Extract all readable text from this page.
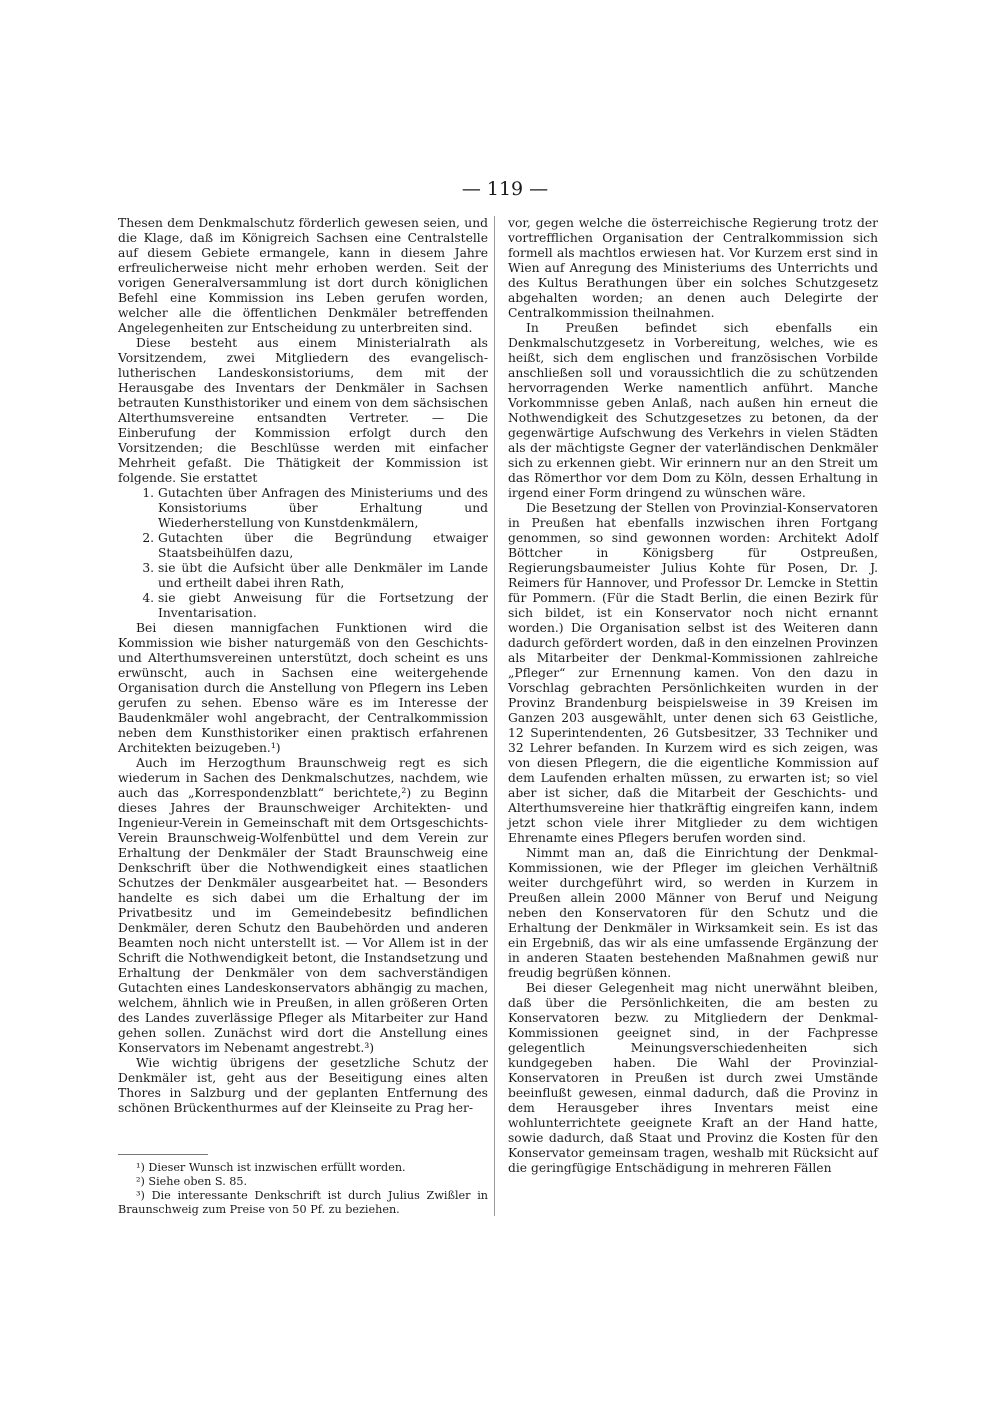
— 119 —

Thesen dem Denkmalschutz förderlich gewesen seien, und die Klage, daß im Königreich Sachsen eine Centralstelle auf diesem Gebiete ermangele, kann in diesem Jahre erfreulicherweise nicht mehr erhoben werden. Seit der vorigen Generalversammlung ist dort durch königlichen Befehl eine Kommission ins Leben gerufen worden, welcher alle die öffentlichen Denkmäler betreffenden Angelegenheiten zur Entscheidung zu unterbreiten sind.

Diese besteht aus einem Ministerialrath als Vorsitzendem, zwei Mitgliedern des evangelisch-lutherischen Landeskonsistoriums, dem mit der Herausgabe des Inventars der Denkmäler in Sachsen betrauten Kunsthistoriker und einem von dem sächsischen Alterthumsvereine entsandten Vertreter. — Die Einberufung der Kommission erfolgt durch den Vorsitzenden; die Beschlüsse werden mit einfacher Mehrheit gefaßt. Die Thätigkeit der Kommission ist folgende. Sie erstattet

1. Gutachten über Anfragen des Ministeriums und des Konsistoriums über Erhaltung und Wiederherstellung von Kunstdenkmälern,
2. Gutachten über die Begründung etwaiger Staatsbeihülfen dazu,
3. sie übt die Aufsicht über alle Denkmäler im Lande und ertheilt dabei ihren Rath,
4. sie giebt Anweisung für die Fortsetzung der Inventarisation.

Bei diesen mannigfachen Funktionen wird die Kommission wie bisher naturgemäß von den Geschichts- und Alterthumsvereinen unterstützt, doch scheint es uns erwünscht, auch in Sachsen eine weitergehende Organisation durch die Anstellung von Pflegern ins Leben gerufen zu sehen. Ebenso wäre es im Interesse der Baudenkmäler wohl angebracht, der Centralkommission neben dem Kunsthistoriker einen praktisch erfahrenen Architekten beizugeben.¹)

Auch im Herzogthum Braunschweig regt es sich wiederum in Sachen des Denkmalschutzes, nachdem, wie auch das „Korrespondenzblatt“ berichtete,²) zu Beginn dieses Jahres der Braunschweiger Architekten- und Ingenieur-Verein in Gemeinschaft mit dem Ortsgeschichts-Verein Braunschweig-Wolfenbüttel und dem Verein zur Erhaltung der Denkmäler der Stadt Braunschweig eine Denkschrift über die Nothwendigkeit eines staatlichen Schutzes der Denkmäler ausgearbeitet hat. — Besonders handelte es sich dabei um die Erhaltung der im Privatbesitz und im Gemeindebesitz befindlichen Denkmäler, deren Schutz den Baubehörden und anderen Beamten noch nicht unterstellt ist. — Vor Allem ist in der Schrift die Nothwendigkeit betont, die Instandsetzung und Erhaltung der Denkmäler von dem sachverständigen Gutachten eines Landeskonservators abhängig zu machen, welchem, ähnlich wie in Preußen, in allen größeren Orten des Landes zuverlässige Pfleger als Mitarbeiter zur Hand gehen sollen. Zunächst wird dort die Anstellung eines Konservators im Nebenamt angestrebt.³)

Wie wichtig übrigens der gesetzliche Schutz der Denkmäler ist, geht aus der Beseitigung eines alten Thores in Salzburg und der geplanten Entfernung des schönen Brückenthurmes auf der Kleinseite zu Prag her-

vor, gegen welche die österreichische Regierung trotz der vortrefflichen Organisation der Centralkommission sich formell als machtlos erwiesen hat. Vor Kurzem erst sind in Wien auf Anregung des Ministeriums des Unterrichts und des Kultus Berathungen über ein solches Schutzgesetz abgehalten worden; an denen auch Delegirte der Centralkommission theilnahmen.

In Preußen befindet sich ebenfalls ein Denkmalschutzgesetz in Vorbereitung, welches, wie es heißt, sich dem englischen und französischen Vorbilde anschließen soll und voraussichtlich die zu schützenden hervorragenden Werke namentlich anführt. Manche Vorkommnisse geben Anlaß, nach außen hin erneut die Nothwendigkeit des Schutzgesetzes zu betonen, da der gegenwärtige Aufschwung des Verkehrs in vielen Städten als der mächtigste Gegner der vaterländischen Denkmäler sich zu erkennen giebt. Wir erinnern nur an den Streit um das Römerthor vor dem Dom zu Köln, dessen Erhaltung in irgend einer Form dringend zu wünschen wäre.

Die Besetzung der Stellen von Provinzial-Konservatoren in Preußen hat ebenfalls inzwischen ihren Fortgang genommen, so sind gewonnen worden: Architekt Adolf Böttcher in Königsberg für Ostpreußen, Regierungsbaumeister Julius Kohte für Posen, Dr. J. Reimers für Hannover, und Professor Dr. Lemcke in Stettin für Pommern. (Für die Stadt Berlin, die einen Bezirk für sich bildet, ist ein Konservator noch nicht ernannt worden.) Die Organisation selbst ist des Weiteren dann dadurch gefördert worden, daß in den einzelnen Provinzen als Mitarbeiter der Denkmal-Kommissionen zahlreiche „Pfleger“ zur Ernennung kamen. Von den dazu in Vorschlag gebrachten Persönlichkeiten wurden in der Provinz Brandenburg beispielsweise in 39 Kreisen im Ganzen 203 ausgewählt, unter denen sich 63 Geistliche, 12 Superintendenten, 26 Gutsbesitzer, 33 Techniker und 32 Lehrer befanden. In Kurzem wird es sich zeigen, was von diesen Pflegern, die die eigentliche Kommission auf dem Laufenden erhalten müssen, zu erwarten ist; so viel aber ist sicher, daß die Mitarbeit der Geschichts- und Alterthumsvereine hier thatkräftig eingreifen kann, indem jetzt schon viele ihrer Mitglieder zu dem wichtigen Ehrenamte eines Pflegers berufen worden sind.

Nimmt man an, daß die Einrichtung der Denkmal-Kommissionen, wie der Pfleger im gleichen Verhältniß weiter durchgeführt wird, so werden in Kurzem in Preußen allein 2000 Männer von Beruf und Neigung neben den Konservatoren für den Schutz und die Erhaltung der Denkmäler in Wirksamkeit sein. Es ist das ein Ergebniß, das wir als eine umfassende Ergänzung der in anderen Staaten bestehenden Maßnahmen gewiß nur freudig begrüßen können.

Bei dieser Gelegenheit mag nicht unerwähnt bleiben, daß über die Persönlichkeiten, die am besten zu Konservatoren bezw. zu Mitgliedern der Denkmal-Kommissionen geeignet sind, in der Fachpresse gelegentlich Meinungsverschiedenheiten sich kundgegeben haben. Die Wahl der Provinzial-Konservatoren in Preußen ist durch zwei Umstände beeinflußt gewesen, einmal dadurch, daß die Provinz in dem Herausgeber ihres Inventars meist eine wohlunterrichtete geeignete Kraft an der Hand hatte, sowie dadurch, daß Staat und Provinz die Kosten für den Konservator gemeinsam tragen, weshalb mit Rücksicht auf die geringfügige Entschädigung in mehreren Fällen

¹) Dieser Wunsch ist inzwischen erfüllt worden.

²) Siehe oben S. 85.

³) Die interessante Denkschrift ist durch Julius Zwißler in Braunschweig zum Preise von 50 Pf. zu beziehen.
